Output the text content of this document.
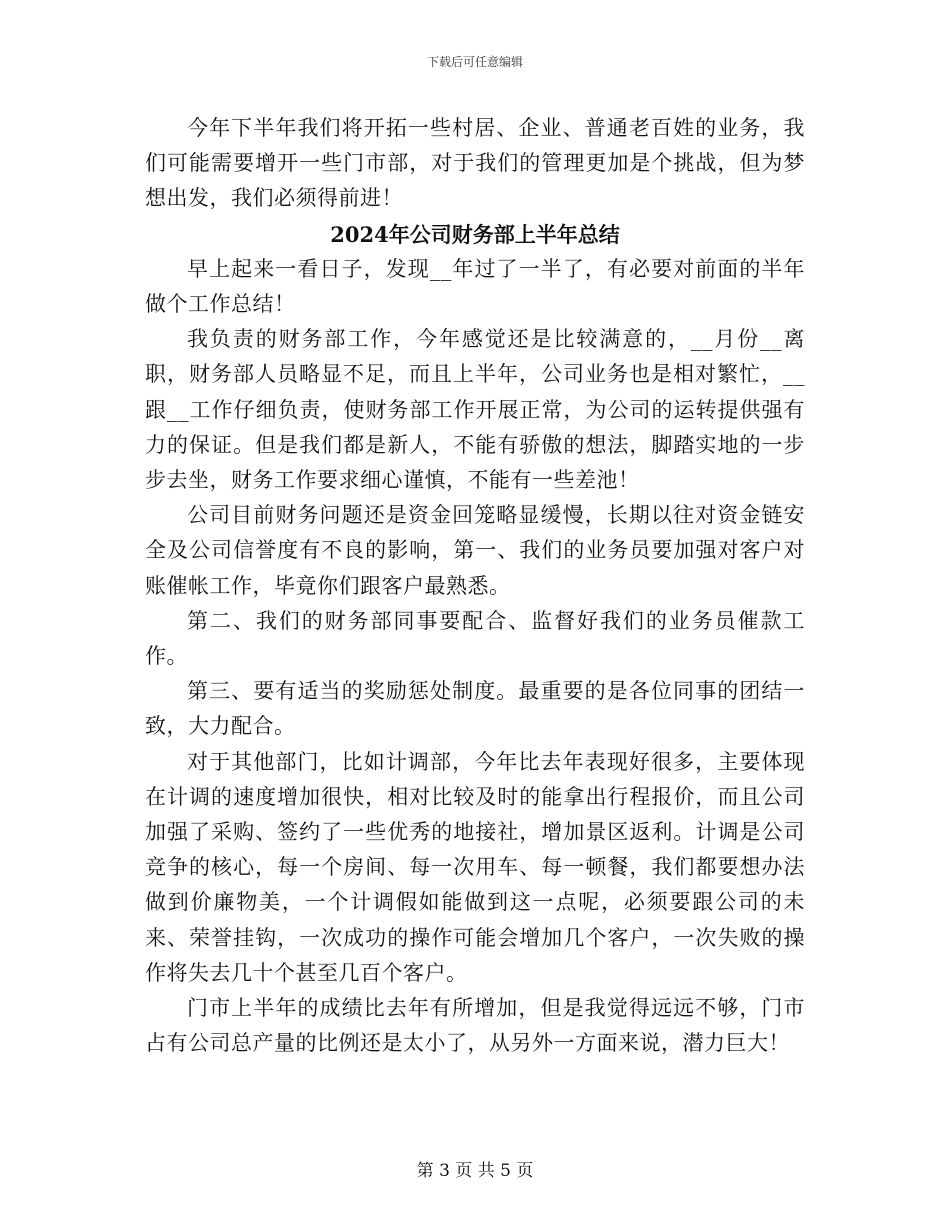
下载后可任意编辑

今年下半年我们将开拓一些村居、企业、普通老百姓的业务，我们可能需要增开一些门市部，对于我们的管理更加是个挑战，但为梦想出发，我们必须得前进！

2024年公司财务部上半年总结

早上起来一看日子，发现__年过了一半了，有必要对前面的半年做个工作总结！

我负责的财务部工作，今年感觉还是比较满意的，__月份__离职，财务部人员略显不足，而且上半年，公司业务也是相对繁忙，__跟__工作仔细负责，使财务部工作开展正常，为公司的运转提供强有力的保证。但是我们都是新人，不能有骄傲的想法，脚踏实地的一步步去坐，财务工作要求细心谨慎，不能有一些差池！

公司目前财务问题还是资金回笼略显缓慢，长期以往对资金链安全及公司信誉度有不良的影响，第一、我们的业务员要加强对客户对账催帐工作，毕竟你们跟客户最熟悉。

第二、我们的财务部同事要配合、监督好我们的业务员催款工作。

第三、要有适当的奖励惩处制度。最重要的是各位同事的团结一致，大力配合。

对于其他部门，比如计调部，今年比去年表现好很多，主要体现在计调的速度增加很快，相对比较及时的能拿出行程报价，而且公司加强了采购、签约了一些优秀的地接社，增加景区返利。计调是公司竞争的核心，每一个房间、每一次用车、每一顿餐，我们都要想办法做到价廉物美，一个计调假如能做到这一点呢，必须要跟公司的未来、荣誉挂钩，一次成功的操作可能会增加几个客户，一次失败的操作将失去几十个甚至几百个客户。

门市上半年的成绩比去年有所增加，但是我觉得远远不够，门市占有公司总产量的比例还是太小了，从另外一方面来说，潜力巨大！

第 3 页 共 5 页
